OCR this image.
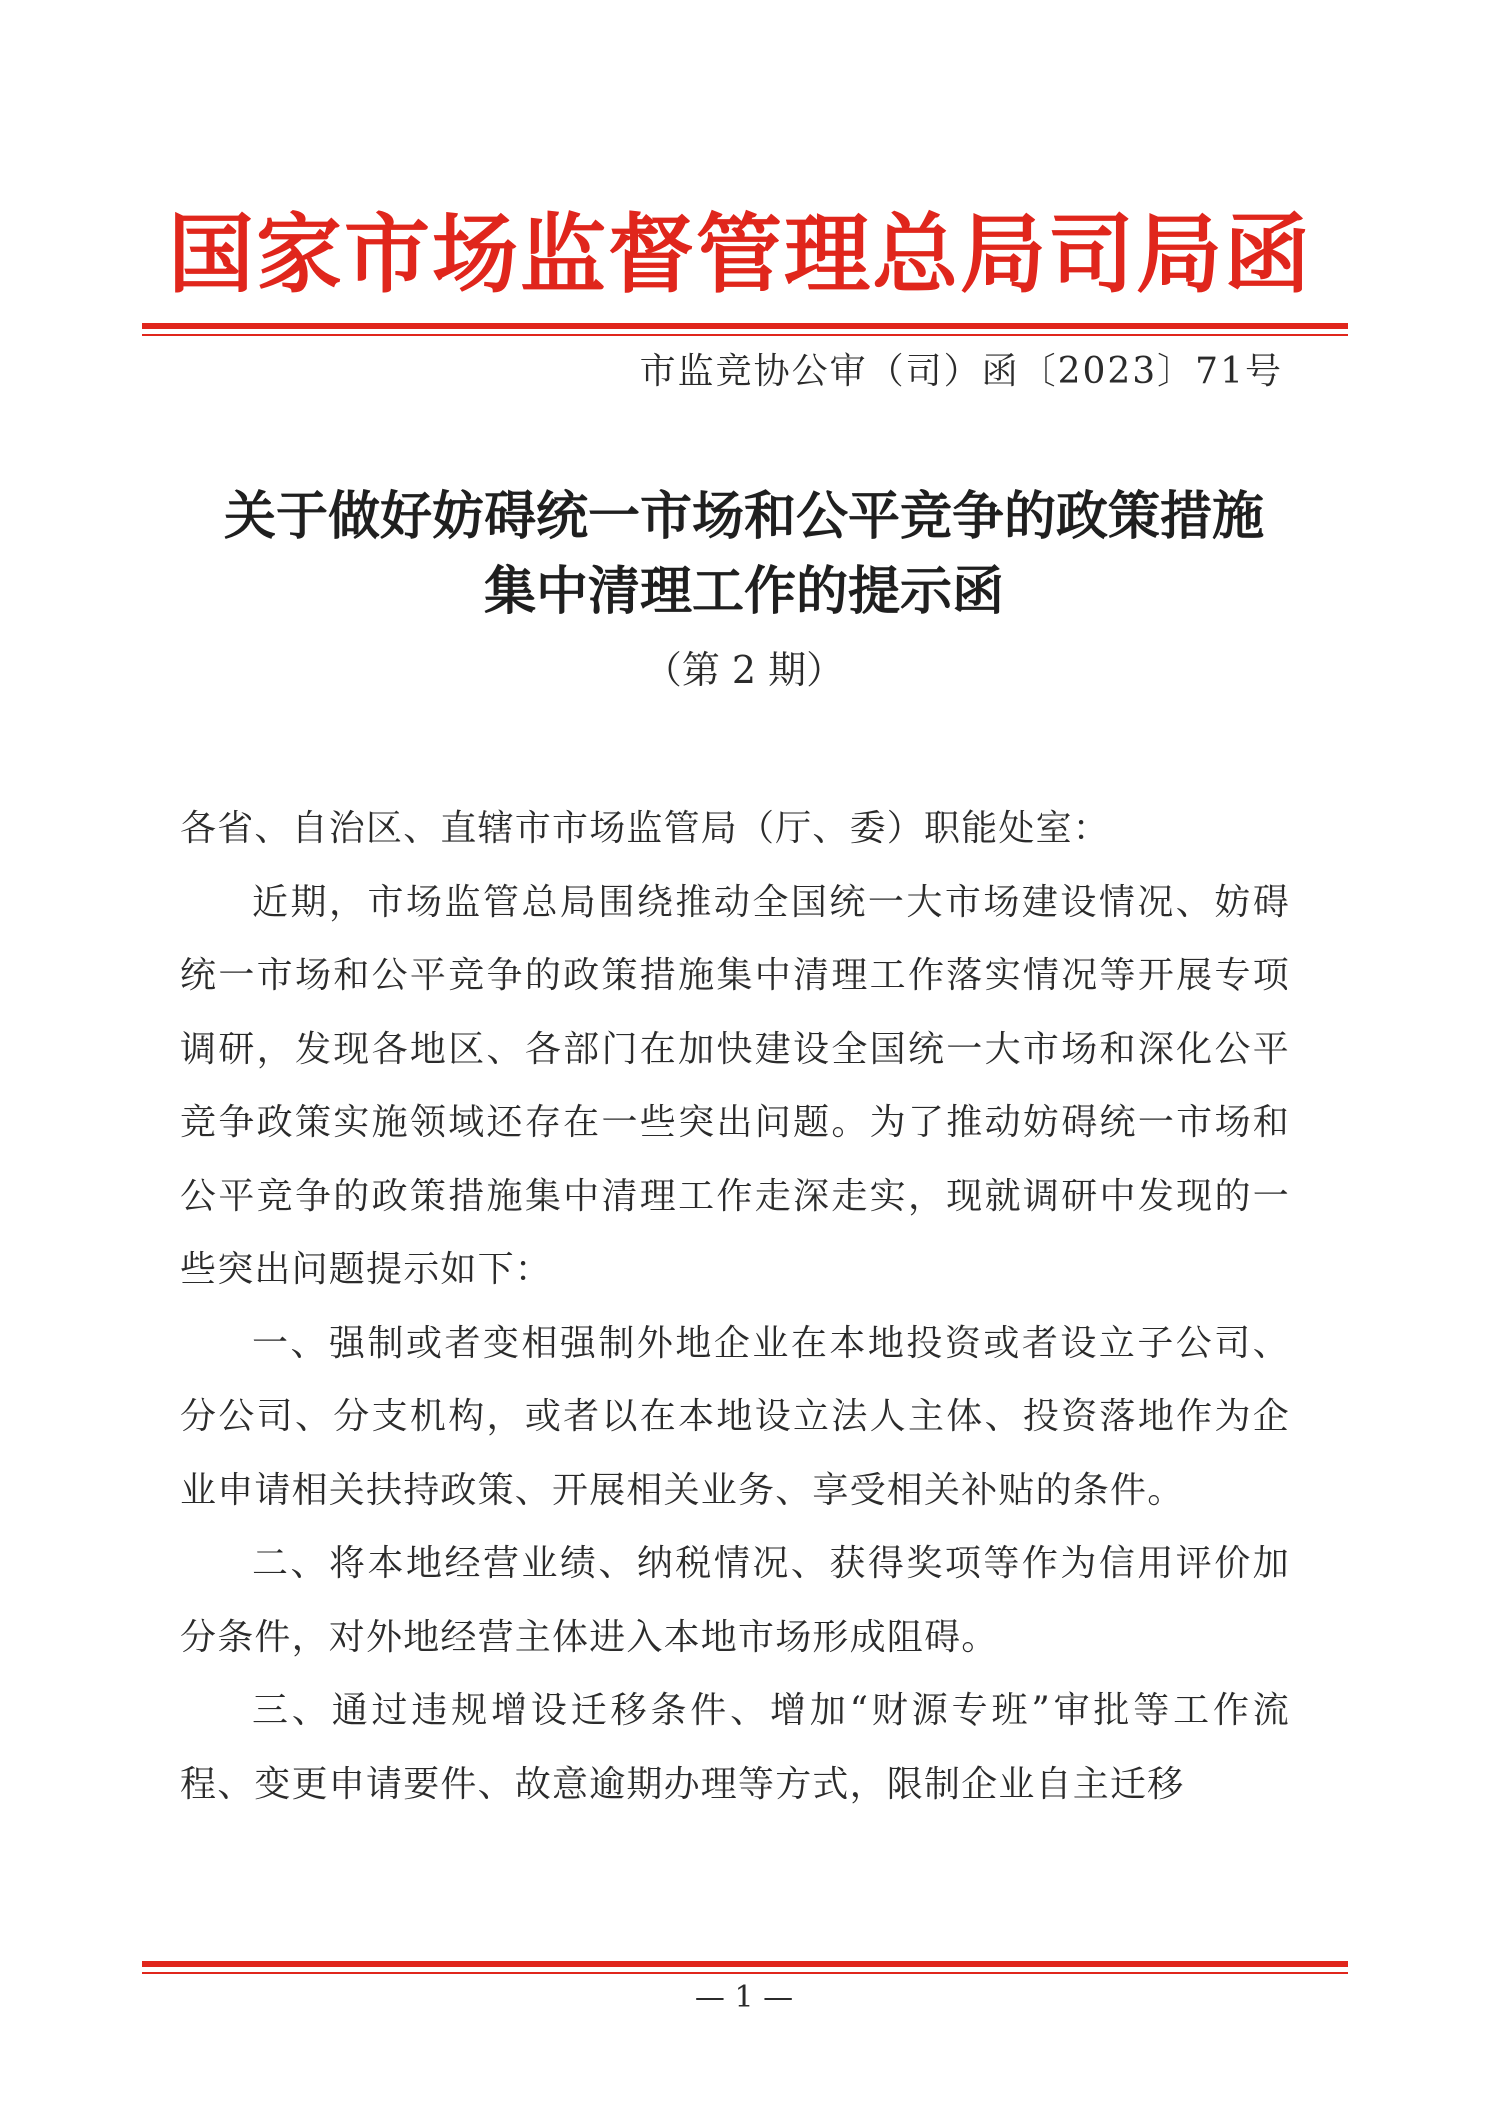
国家市场监督管理总局司局函
市监竞协公审（司）函〔2023〕71号
关于做好妨碍统一市场和公平竞争的政策措施
集中清理工作的提示函
（第 2 期）

各省、自治区、直辖市市场监管局（厅、委）职能处室：

近期，市场监管总局围绕推动全国统一大市场建设情况、妨碍统一市场和公平竞争的政策措施集中清理工作落实情况等开展专项调研，发现各地区、各部门在加快建设全国统一大市场和深化公平竞争政策实施领域还存在一些突出问题。为了推动妨碍统一市场和公平竞争的政策措施集中清理工作走深走实，现就调研中发现的一些突出问题提示如下：

一、强制或者变相强制外地企业在本地投资或者设立子公司、分公司、分支机构，或者以在本地设立法人主体、投资落地作为企业申请相关扶持政策、开展相关业务、享受相关补贴的条件。

二、将本地经营业绩、纳税情况、获得奖项等作为信用评价加分条件，对外地经营主体进入本地市场形成阻碍。

三、通过违规增设迁移条件、增加“财源专班”审批等工作流程、变更申请要件、故意逾期办理等方式，限制企业自主迁移

— 1 —
